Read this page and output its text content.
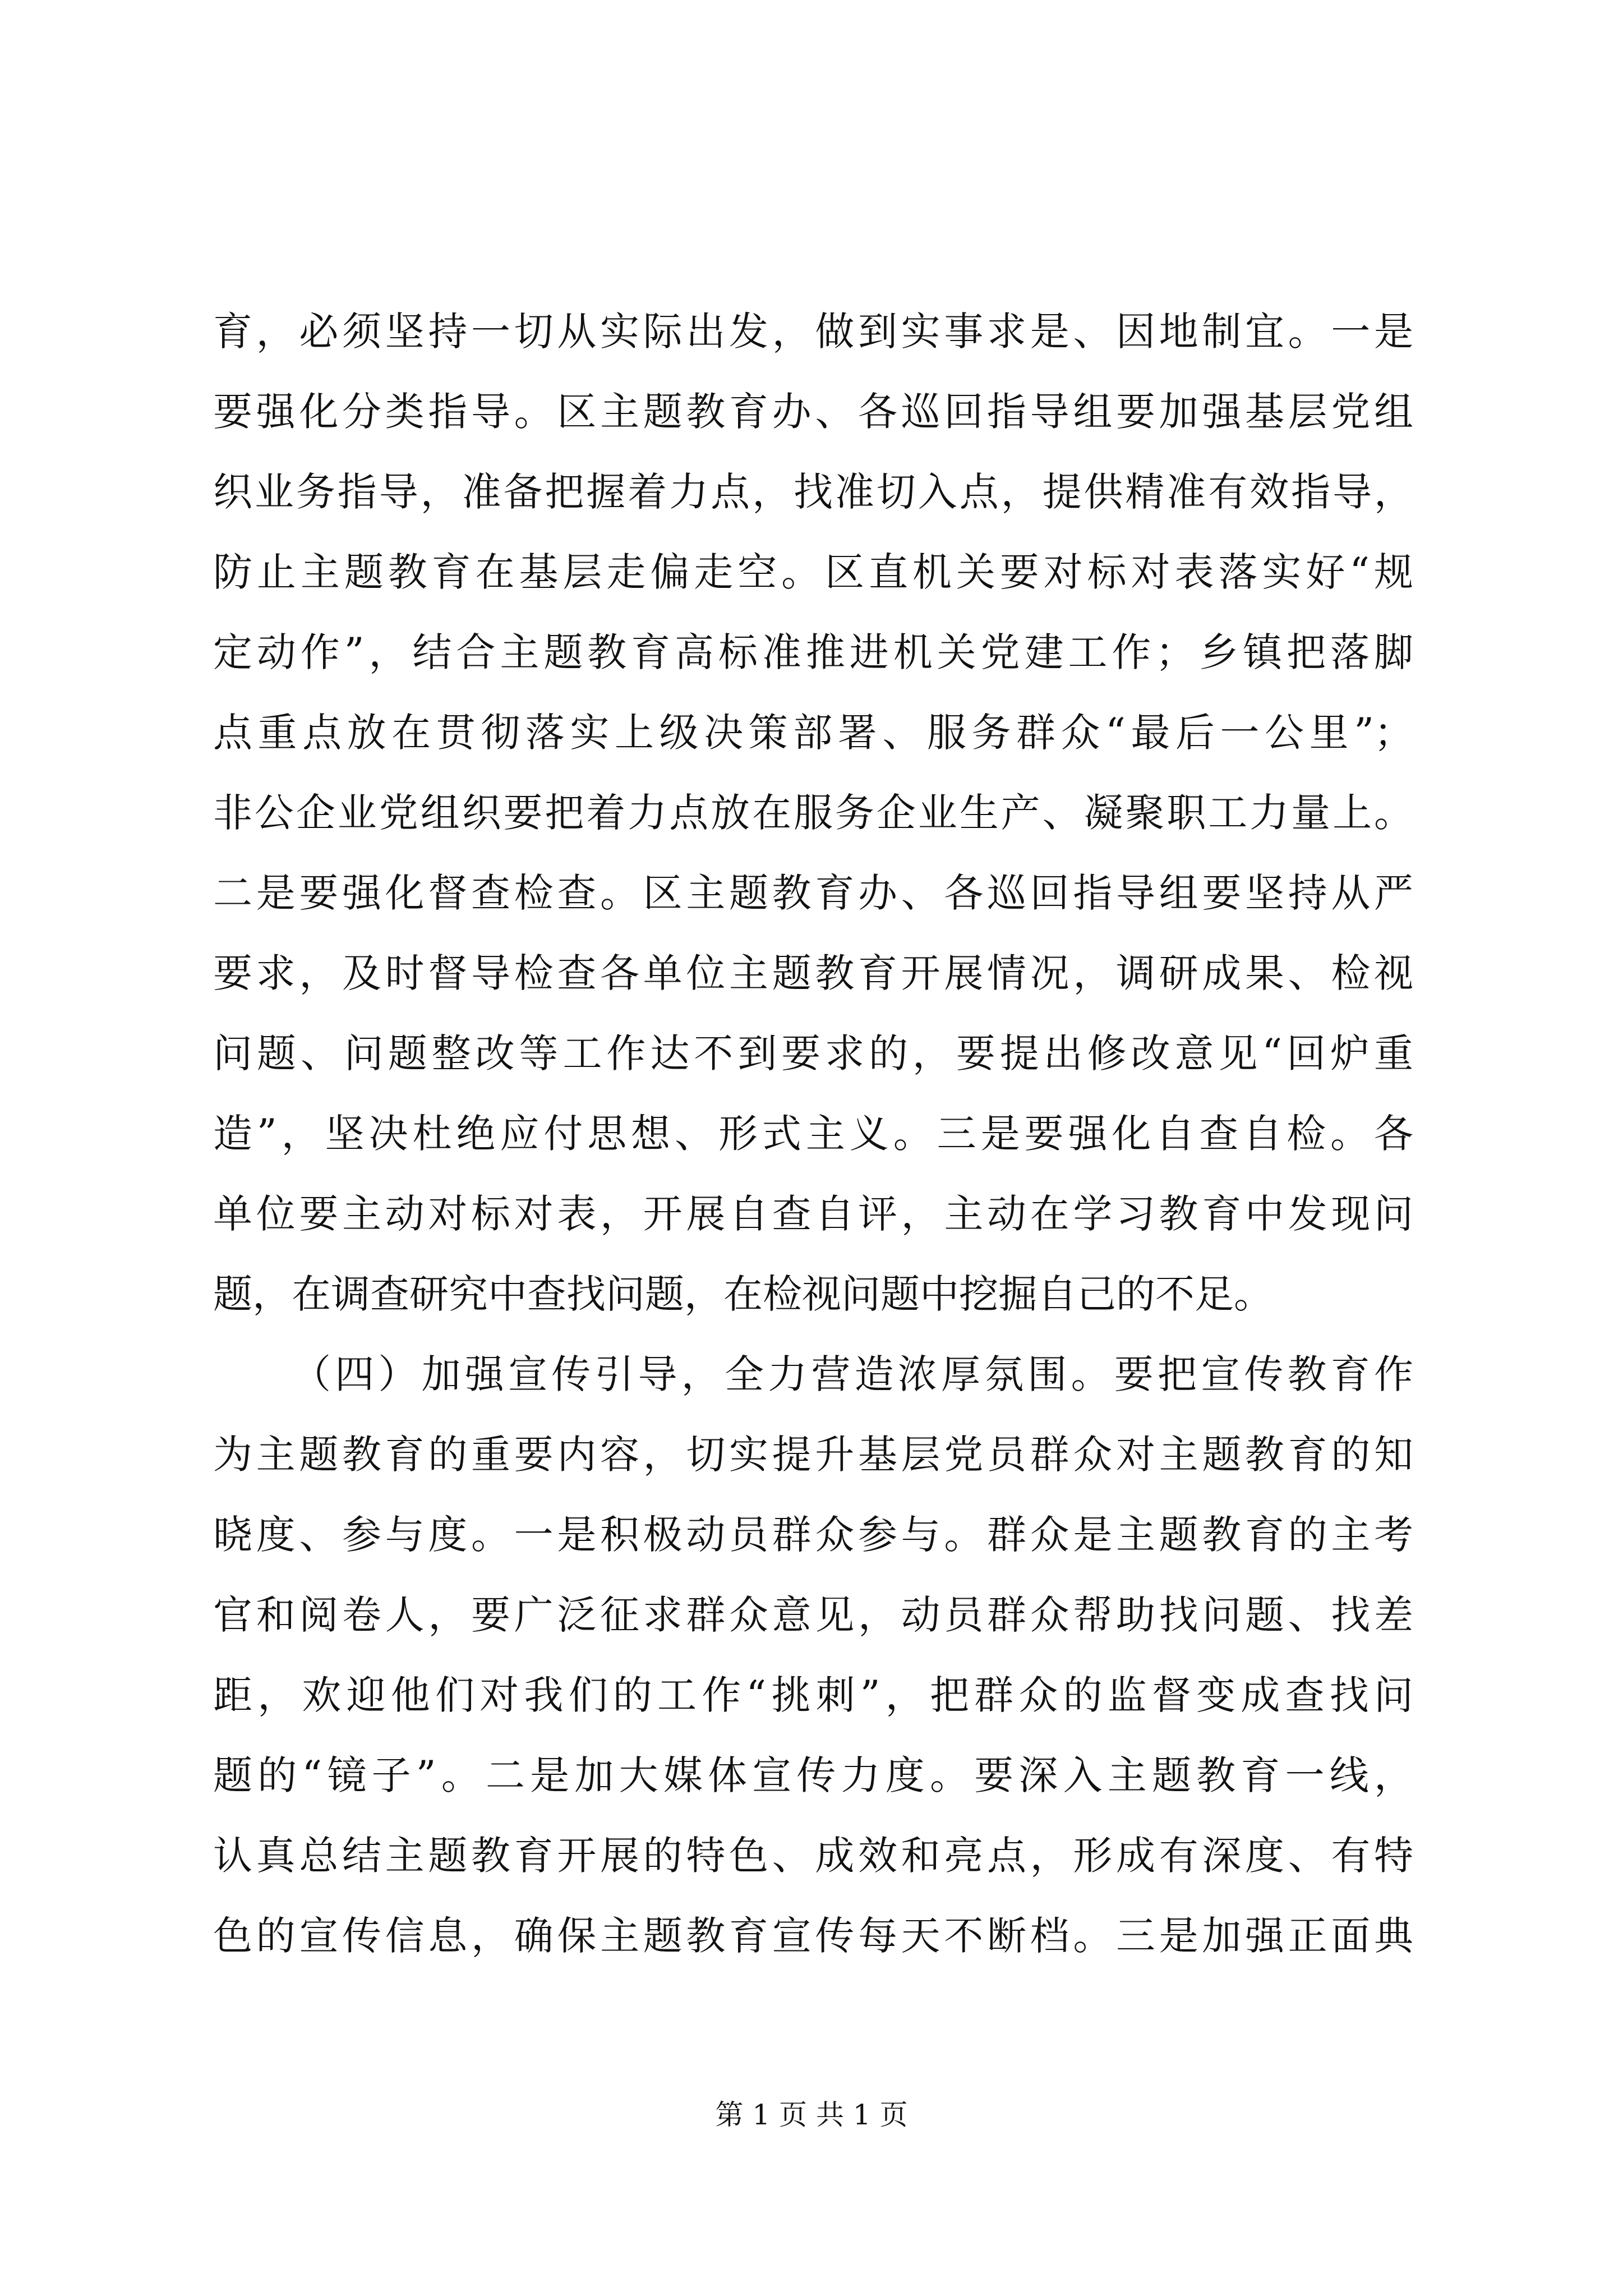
育，必须坚持一切从实际出发，做到实事求是、因地制宜。一是
要强化分类指导。区主题教育办、各巡回指导组要加强基层党组
织业务指导，准备把握着力点，找准切入点，提供精准有效指导，
防止主题教育在基层走偏走空。区直机关要对标对表落实好“规
定动作”，结合主题教育高标准推进机关党建工作；乡镇把落脚
点重点放在贯彻落实上级决策部署、服务群众“最后一公里”；
非公企业党组织要把着力点放在服务企业生产、凝聚职工力量上。
二是要强化督查检查。区主题教育办、各巡回指导组要坚持从严
要求，及时督导检查各单位主题教育开展情况，调研成果、检视
问题、问题整改等工作达不到要求的，要提出修改意见“回炉重
造”，坚决杜绝应付思想、形式主义。三是要强化自查自检。各
单位要主动对标对表，开展自查自评，主动在学习教育中发现问
题，在调查研究中查找问题，在检视问题中挖掘自己的不足。
（四）加强宣传引导，全力营造浓厚氛围。要把宣传教育作
为主题教育的重要内容，切实提升基层党员群众对主题教育的知
晓度、参与度。一是积极动员群众参与。群众是主题教育的主考
官和阅卷人，要广泛征求群众意见，动员群众帮助找问题、找差
距，欢迎他们对我们的工作“挑刺”，把群众的监督变成查找问
题的“镜子”。二是加大媒体宣传力度。要深入主题教育一线，
认真总结主题教育开展的特色、成效和亮点，形成有深度、有特
色的宣传信息，确保主题教育宣传每天不断档。三是加强正面典
第 1 页 共 1 页
